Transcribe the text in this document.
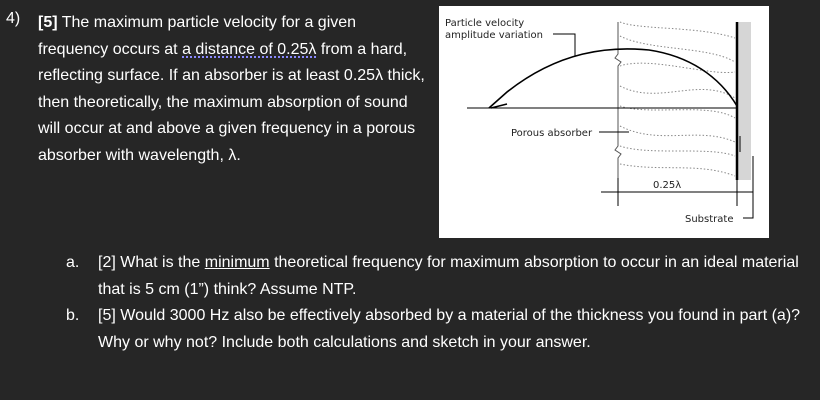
4) [5] The maximum particle velocity for a given frequency occurs at a distance of 0.25λ from a hard, reflecting surface. If an absorber is at least 0.25λ thick, then theoretically, the maximum absorption of sound will occur at and above a given frequency in a porous absorber with wavelength, λ.
Particle velocity
amplitude variation
Porous absorber
0.25λ
Substrate
a.	[2] What is the minimum theoretical frequency for maximum absorption to occur in an ideal material that is 5 cm (1”) think? Assume NTP.
b.	[5] Would 3000 Hz also be effectively absorbed by a material of the thickness you found in part (a)? Why or why not? Include both calculations and sketch in your answer.
